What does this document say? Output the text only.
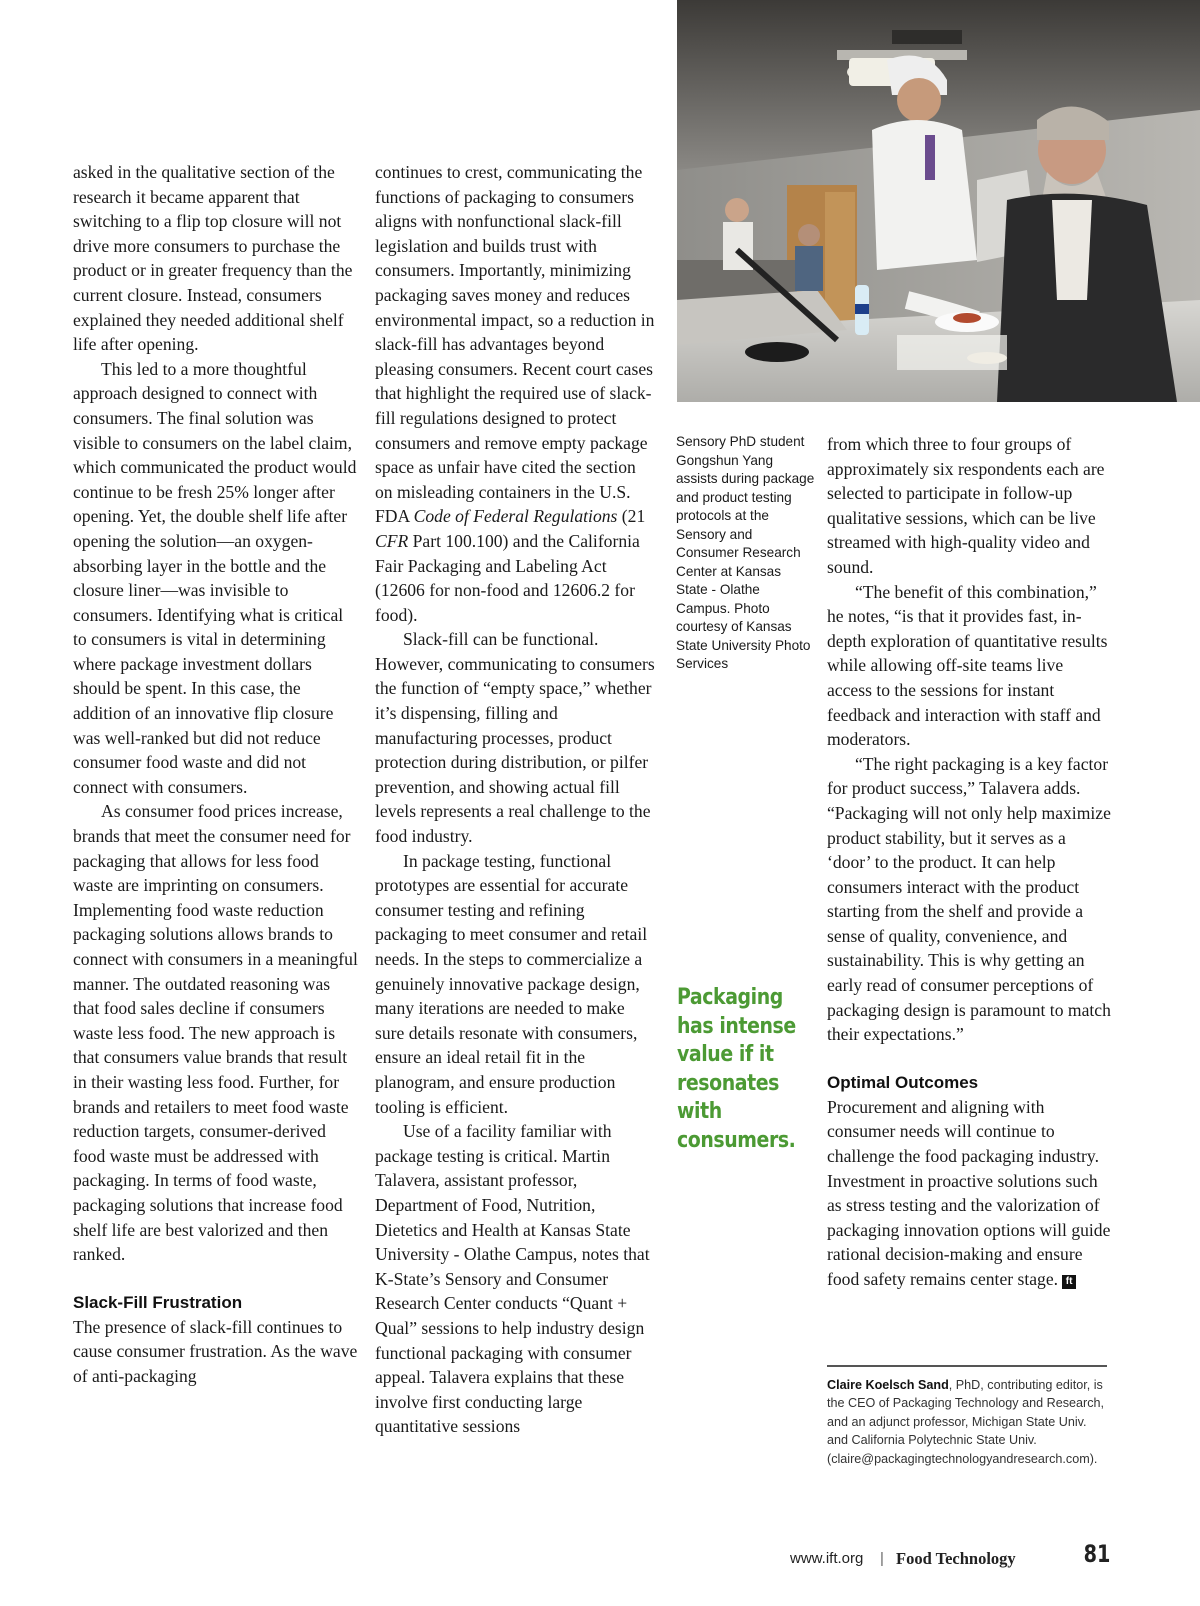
asked in the qualitative section of the research it became apparent that switching to a flip top closure will not drive more consumers to purchase the product or in greater frequency than the current closure. Instead, consumers explained they needed additional shelf life after opening.

This led to a more thoughtful approach designed to connect with consumers. The final solution was visible to consumers on the label claim, which communicated the product would continue to be fresh 25% longer after opening. Yet, the double shelf life after opening the solution—an oxygen-absorbing layer in the bottle and the closure liner—was invisible to consumers. Identifying what is critical to consumers is vital in determining where package investment dollars should be spent. In this case, the addition of an innovative flip closure was well-ranked but did not reduce consumer food waste and did not connect with consumers.

As consumer food prices increase, brands that meet the consumer need for packaging that allows for less food waste are imprinting on consumers. Implementing food waste reduction packaging solutions allows brands to connect with consumers in a meaningful manner. The outdated reasoning was that food sales decline if consumers waste less food. The new approach is that consumers value brands that result in their wasting less food. Further, for brands and retailers to meet food waste reduction targets, consumer-derived food waste must be addressed with packaging. In terms of food waste, packaging solutions that increase food shelf life are best valorized and then ranked.

Slack-Fill Frustration

The presence of slack-fill continues to cause consumer frustration. As the wave of anti-packaging

continues to crest, communicating the functions of packaging to consumers aligns with nonfunctional slack-fill legislation and builds trust with consumers. Importantly, minimizing packaging saves money and reduces environmental impact, so a reduction in slack-fill has advantages beyond pleasing consumers. Recent court cases that highlight the required use of slack-fill regulations designed to protect consumers and remove empty package space as unfair have cited the section on misleading containers in the U.S. FDA Code of Federal Regulations (21 CFR Part 100.100) and the California Fair Packaging and Labeling Act (12606 for non-food and 12606.2 for food).

Slack-fill can be functional. However, communicating to consumers the function of “empty space,” whether it’s dispensing, filling and manufacturing processes, product protection during distribution, or pilfer prevention, and showing actual fill levels represents a real challenge to the food industry.

In package testing, functional prototypes are essential for accurate consumer testing and refining packaging to meet consumer and retail needs. In the steps to commercialize a genuinely innovative package design, many iterations are needed to make sure details resonate with consumers, ensure an ideal retail fit in the planogram, and ensure production tooling is efficient.

Use of a facility familiar with package testing is critical. Martin Talavera, assistant professor, Department of Food, Nutrition, Dietetics and Health at Kansas State University - Olathe Campus, notes that K-State’s Sensory and Consumer Research Center conducts “Quant + Qual” sessions to help industry design functional packaging with consumer appeal. Talavera explains that these involve first conducting large quantitative sessions

Sensory PhD student Gongshun Yang assists during package and product testing protocols at the Sensory and Consumer Research Center at Kansas State - Olathe Campus. Photo courtesy of Kansas State University Photo Services
Packaging has intense value if it resonates with consumers.

from which three to four groups of approximately six respondents each are selected to participate in follow-up qualitative sessions, which can be live streamed with high-quality video and sound.

“The benefit of this combination,” he notes, “is that it provides fast, in-depth exploration of quantitative results while allowing off-site teams live access to the sessions for instant feedback and interaction with staff and moderators.

“The right packaging is a key factor for product success,” Talavera adds. “Packaging will not only help maximize product stability, but it serves as a ‘door’ to the product. It can help consumers interact with the product starting from the shelf and provide a sense of quality, convenience, and sustainability. This is why getting an early read of consumer perceptions of packaging design is paramount to match their expectations.”

Optimal Outcomes

Procurement and aligning with consumer needs will continue to challenge the food packaging industry. Investment in proactive solutions such as stress testing and the valorization of packaging innovation options will guide rational decision-making and ensure food safety remains center stage. ft

Claire Koelsch Sand, PhD, contributing editor, is the CEO of Packaging Technology and Research, and an adjunct professor, Michigan State Univ. and California Polytechnic State Univ. (claire@packagingtechnologyandresearch.com).
www.ift.org | Food Technology	81
